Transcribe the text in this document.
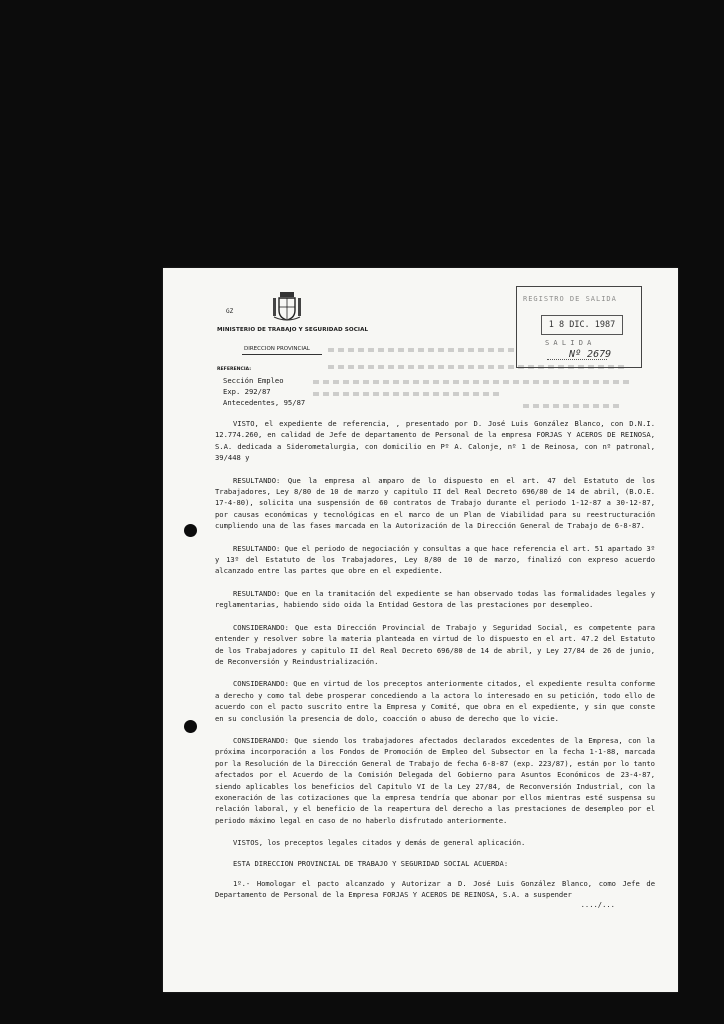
GZ
MINISTERIO DE TRABAJO Y SEGURIDAD SOCIAL
DIRECCION PROVINCIAL
REFERENCIA:
Sección Empleo
Exp. 292/87
Antecedentes, 95/87
REGISTRO DE SALIDA
1 8 DIC. 1987
S A L I D A
Nº 2679

VISTO, el expediente de referencia, , presentado por D. José Luis González Blanco, con D.N.I. 12.774.260, en calidad de Jefe de departamento de Personal de la empresa FORJAS Y ACEROS DE REINOSA, S.A. dedicada a Siderometalurgia, con domicilio en Pº A. Calonje, nº 1 de Reinosa, con nº patronal, 39/448 y

RESULTANDO: Que la empresa al amparo de lo dispuesto en el art. 47 del Estatuto de los Trabajadores, Ley 8/80 de 10 de marzo y capitulo II del Real Decreto 696/80 de 14 de abril, (B.O.E. 17-4-80), solicita una suspensión de 60 contratos de Trabajo durante el periodo 1-12-87 a 30-12-87, por causas económicas y tecnológicas en el marco de un Plan de Viabilidad para su reestructuración cumpliendo una de las fases marcada en la Autorización de la Dirección General de Trabajo de 6-8-87.

RESULTANDO: Que el periodo de negociación y consultas a que hace referencia el art. 51 apartado 3º y 13º del Estatuto de los Trabajadores, Ley 8/80 de 10 de marzo, finalizó con expreso acuerdo alcanzado entre las partes que obre en el expediente.

RESULTANDO: Que en la tramitación del expediente se han observado todas las formalidades legales y reglamentarias, habiendo sido oida la Entidad Gestora de las prestaciones por desempleo.

CONSIDERANDO: Que esta Dirección Provincial de Trabajo y Seguridad Social, es competente para entender y resolver sobre la materia planteada en virtud de lo dispuesto en el art. 47.2 del Estatuto de los Trabajadores y capitulo II del Real Decreto 696/80 de 14 de abril, y Ley 27/84 de 26 de junio, de Reconversión y Reindustrialización.

CONSIDERANDO: Que en virtud de los preceptos anteriormente citados, el expediente resulta conforme a derecho y como tal debe prosperar concediendo a la actora lo interesado en su petición, todo ello de acuerdo con el pacto suscrito entre la Empresa y Comité, que obra en el expediente, y sin que conste en su conclusión la presencia de dolo, coacción o abuso de derecho que lo vicie.

CONSIDERANDO: Que siendo los trabajadores afectados declarados excedentes de la Empresa, con la próxima incorporación a los Fondos de Promoción de Empleo del Subsector en la fecha 1-1-88, marcada por la Resolución de la Dirección General de Trabajo de fecha 6-8-87 (exp. 223/87), están por lo tanto afectados por el Acuerdo de la Comisión Delegada del Gobierno para Asuntos Económicos de 23-4-87, siendo aplicables los beneficios del Capitulo VI de la Ley 27/84, de Reconversión Industrial, con la exoneración de las cotizaciones que la empresa tendría que abonar por ellos mientras esté suspensa su relación laboral, y el beneficio de la reapertura del derecho a las prestaciones de desempleo por el periodo máximo legal en caso de no haberlo disfrutado anteriormente.

VISTOS, los preceptos legales citados y demás de general aplicación.

ESTA DIRECCION PROVINCIAL DE TRABAJO Y SEGURIDAD SOCIAL ACUERDA:

1º.- Homologar el pacto alcanzado y Autorizar a D. José Luis González Blanco, como Jefe de Departamento de Personal de la Empresa FORJAS Y ACEROS DE REINOSA, S.A. a suspender

..../...
